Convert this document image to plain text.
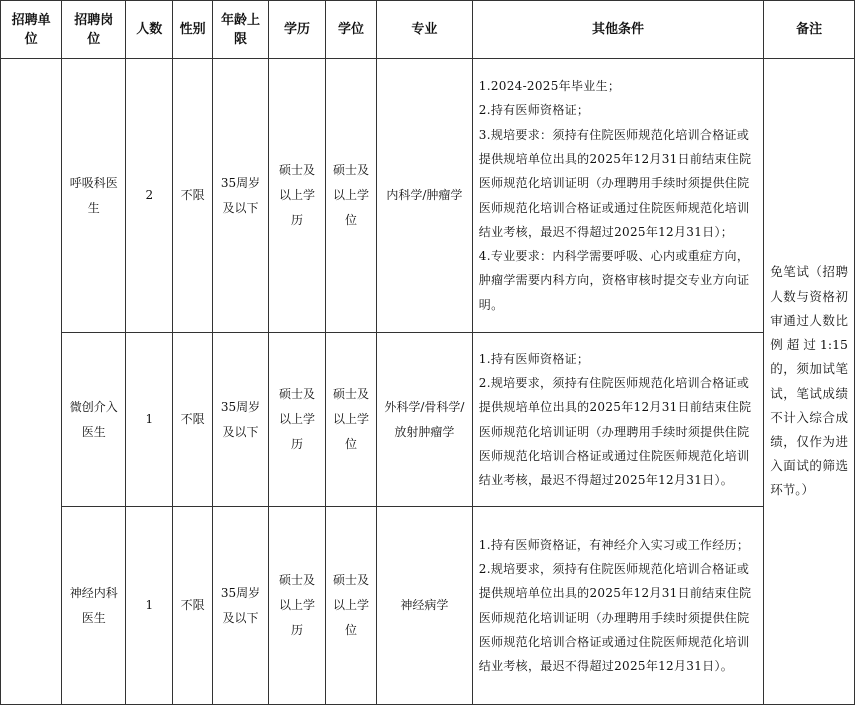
招聘单位	招聘岗位	人数	性别	年龄上限	学历	学位	专业	其他条件	备注
	呼吸科医生	2	不限	35周岁及以下	硕士及以上学历	硕士及以上学位	内科学/肿瘤学	1.2024-2025年毕业生；
2.持有医师资格证；
3.规培要求：须持有住院医师规范化培训合格证或提供规培单位出具的2025年12月31日前结束住院医师规范化培训证明（办理聘用手续时须提供住院医师规范化培训合格证或通过住院医师规范化培训结业考核，最迟不得超过2025年12月31日）；
4.专业要求：内科学需要呼吸、心内或重症方向，肿瘤学需要内科方向，资格审核时提交专业方向证明。	免笔试（招聘人数与资格初审通过人数比例超过1:15的，须加试笔试，笔试成绩不计入综合成绩，仅作为进入面试的筛选环节。）
	微创介入医生	1	不限	35周岁及以下	硕士及以上学历	硕士及以上学位	外科学/骨科学/放射肿瘤学	1.持有医师资格证；
2.规培要求，须持有住院医师规范化培训合格证或提供规培单位出具的2025年12月31日前结束住院医师规范化培训证明（办理聘用手续时须提供住院医师规范化培训合格证或通过住院医师规范化培训结业考核，最迟不得超过2025年12月31日）。	

	神经内科医生	1	不限	35周岁及以下	硕士及以上学历	硕士及以上学位	神经病学	1.持有医师资格证，有神经介入实习或工作经历；
2.规培要求，须持有住院医师规范化培训合格证或提供规培单位出具的2025年12月31日前结束住院医师规范化培训证明（办理聘用手续时须提供住院医师规范化培训合格证或通过住院医师规范化培训结业考核，最迟不得超过2025年12月31日）。	
